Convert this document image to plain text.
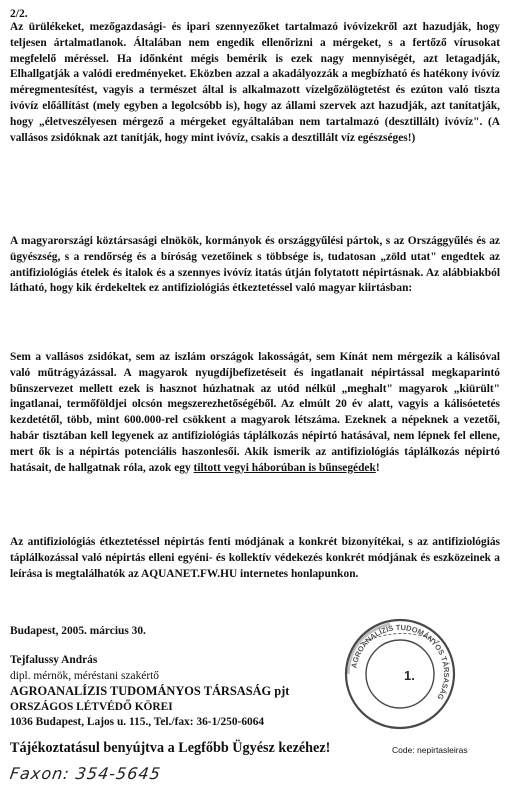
2/2.

Az ürülékeket, mezőgazdasági- és ipari szennyezőket tartalmazó ivóvizekről azt hazudják, hogy teljesen ártalmatlanok. Általában nem engedik ellenőrizni a mérgeket, s a fertőző vírusokat megfelelő méréssel. Ha időnként mégis bemérik is ezek nagy mennyiségét, azt letagadják, Elhallgatják a valódi eredményeket. Eközben azzal a akadályozzák a megbízható és hatékony ivóvíz méregmentesítést, vagyis a természet által is alkalmazott vízelgőzölögtetést és ezúton való tiszta ivóvíz előállítást (mely egyben a legolcsóbb is), hogy az állami szervek azt hazudják, azt tanítatják, hogy „életveszélyesen mérgező a mérgeket egyáltalában nem tartalmazó (desztillált) ivóvíz". (A vallásos zsidóknak azt tanítják, hogy mint ivóvíz, csakis a desztillált víz egészséges!)

A magyarországi köztársasági elnökök, kormányok és országgyűlési pártok, s az Országgyűlés és az ügyészség, s a rendőrség és a bíróság vezetőinek s többsége is, tudatosan „zöld utat" engedtek az antifiziológiás ételek és italok és a szennyes ivóvíz itatás útján folytatott népirtásnak. Az alábbiakból látható, hogy kik érdekeltek ez antifiziológiás étkeztetéssel való magyar kiirtásban:

Sem a vallásos zsidókat, sem az iszlám országok lakosságát, sem Kínát nem mérgezik a kálisóval való műtrágyázással. A magyarok nyugdíjbefizetéseit és ingatlanait népirtással megkaparintó bűnszervezet mellett ezek is hasznot húzhatnak az utód nélkül „meghalt" magyarok „kiürült" ingatlanai, termőföldjei olcsón megszerezhetőségéből. Az elmúlt 20 év alatt, vagyis a kálisóetetés kezdetétől, több, mint 600.000-rel csökkent a magyarok létszáma. Ezeknek a népeknek a vezetői, habár tisztában kell legyenek az antifiziológiás táplálkozás népirtó hatásával, nem lépnek fel ellene, mert ők is a népirtás potenciális haszonlesői. Akik ismerik az antifiziológiás táplálkozás népirtó hatásait, de hallgatnak róla, azok egy tiltott vegyi háborúban is bűnsegédek!

Az antifiziológiás étkeztetéssel népirtás fenti módjának a konkrét bizonyítékai, s az antifiziológiás táplálkozással való népirtás elleni egyéni- és kollektív védekezés konkrét módjának és eszközeinek a leírása is megtalálhatók az AQUANET.FW.HU internetes honlapunkon.

Budapest, 2005. március 30.
Tejfalussy András
dipl. mérnök, méréstani szakértő
AGROANALÍZIS TUDOMÁNYOS TÁRSASÁG pjt
ORSZÁGOS LÉTVÉDŐ KÖREI
1036 Budapest, Lajos u. 115., Tel./fax: 36-1/250-6064
Tájékoztatásul benyújtva a Legfőbb Ügyész kezéhez!	Code: nepirtasleiras
Faxon: 354-5645
AGROANALÍZIS TUDOMÁNYOS TÁRSASÁG
1.
